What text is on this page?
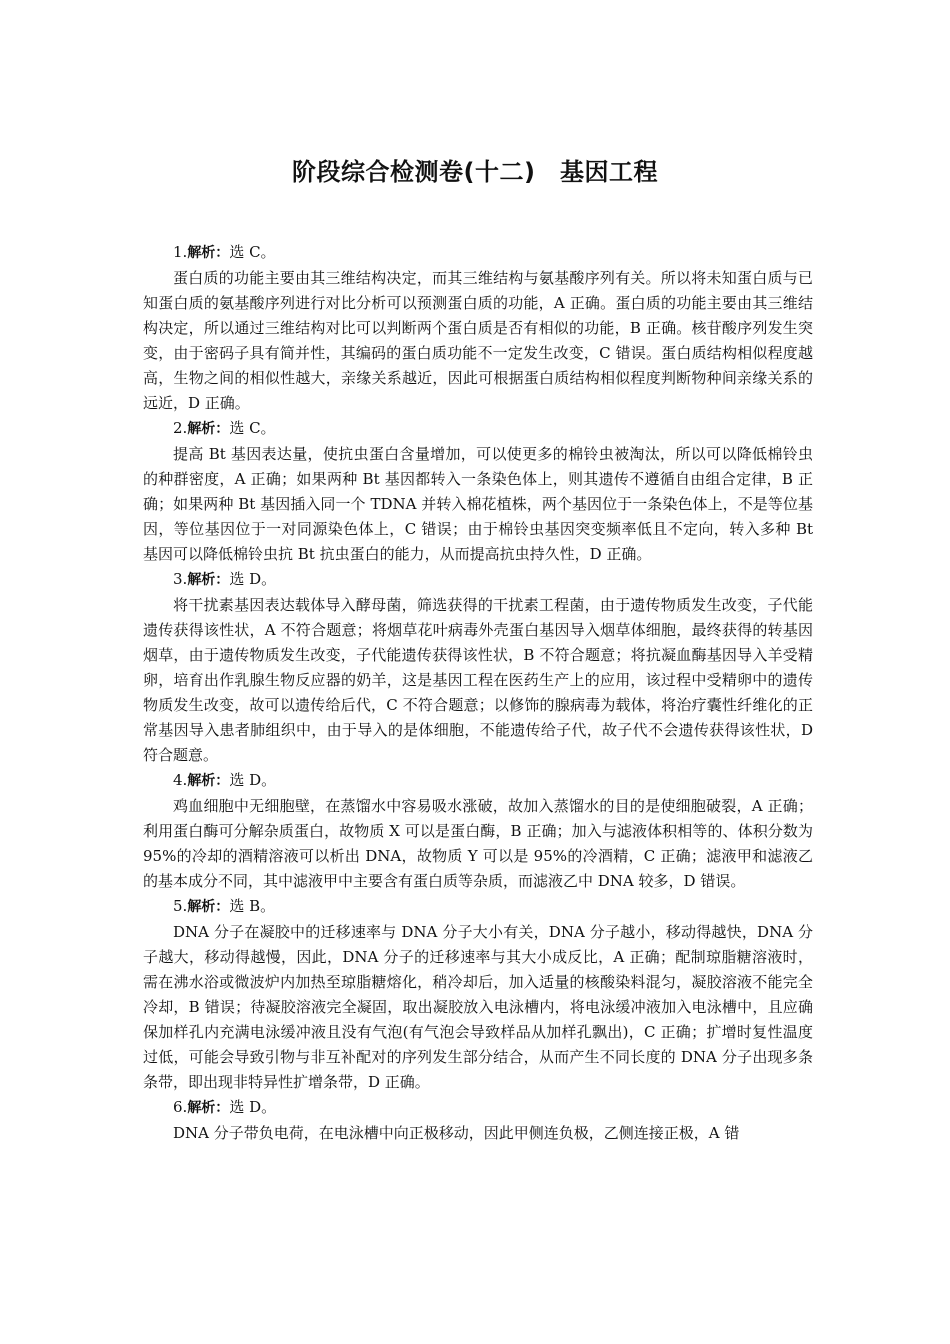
阶段综合检测卷(十二)　基因工程

1.解析：选 C。

蛋白质的功能主要由其三维结构决定，而其三维结构与氨基酸序列有关。所以将未知蛋白质与已知蛋白质的氨基酸序列进行对比分析可以预测蛋白质的功能，A 正确。蛋白质的功能主要由其三维结构决定，所以通过三维结构对比可以判断两个蛋白质是否有相似的功能，B 正确。核苷酸序列发生突变，由于密码子具有简并性，其编码的蛋白质功能不一定发生改变，C 错误。蛋白质结构相似程度越高，生物之间的相似性越大，亲缘关系越近，因此可根据蛋白质结构相似程度判断物种间亲缘关系的远近，D 正确。

2.解析：选 C。

提高 Bt 基因表达量，使抗虫蛋白含量增加，可以使更多的棉铃虫被淘汰，所以可以降低棉铃虫的种群密度，A 正确；如果两种 Bt 基因都转入一条染色体上，则其遗传不遵循自由组合定律，B 正确；如果两种 Bt 基因插入同一个 TDNA 并转入棉花植株，两个基因位于一条染色体上，不是等位基因，等位基因位于一对同源染色体上，C 错误；由于棉铃虫基因突变频率低且不定向，转入多种 Bt 基因可以降低棉铃虫抗 Bt 抗虫蛋白的能力，从而提高抗虫持久性，D 正确。

3.解析：选 D。

将干扰素基因表达载体导入酵母菌，筛选获得的干扰素工程菌，由于遗传物质发生改变，子代能遗传获得该性状，A 不符合题意；将烟草花叶病毒外壳蛋白基因导入烟草体细胞，最终获得的转基因烟草，由于遗传物质发生改变，子代能遗传获得该性状，B 不符合题意；将抗凝血酶基因导入羊受精卵，培育出作乳腺生物反应器的奶羊，这是基因工程在医药生产上的应用，该过程中受精卵中的遗传物质发生改变，故可以遗传给后代，C 不符合题意；以修饰的腺病毒为载体，将治疗囊性纤维化的正常基因导入患者肺组织中，由于导入的是体细胞，不能遗传给子代，故子代不会遗传获得该性状，D 符合题意。

4.解析：选 D。

鸡血细胞中无细胞壁，在蒸馏水中容易吸水涨破，故加入蒸馏水的目的是使细胞破裂，A 正确；利用蛋白酶可分解杂质蛋白，故物质 X 可以是蛋白酶，B 正确；加入与滤液体积相等的、体积分数为 95%的冷却的酒精溶液可以析出 DNA，故物质 Y 可以是 95%的冷酒精，C 正确；滤液甲和滤液乙的基本成分不同，其中滤液甲中主要含有蛋白质等杂质，而滤液乙中 DNA 较多，D 错误。

5.解析：选 B。

DNA 分子在凝胶中的迁移速率与 DNA 分子大小有关，DNA 分子越小，移动得越快，DNA 分子越大，移动得越慢，因此，DNA 分子的迁移速率与其大小成反比，A 正确；配制琼脂糖溶液时，需在沸水浴或微波炉内加热至琼脂糖熔化，稍冷却后，加入适量的核酸染料混匀，凝胶溶液不能完全冷却，B 错误；待凝胶溶液完全凝固，取出凝胶放入电泳槽内，将电泳缓冲液加入电泳槽中，且应确保加样孔内充满电泳缓冲液且没有气泡(有气泡会导致样品从加样孔飘出)，C 正确；扩增时复性温度过低，可能会导致引物与非互补配对的序列发生部分结合，从而产生不同长度的 DNA 分子出现多条条带，即出现非特异性扩增条带，D 正确。

6.解析：选 D。

DNA 分子带负电荷，在电泳槽中向正极移动，因此甲侧连负极，乙侧连接正极，A 错
